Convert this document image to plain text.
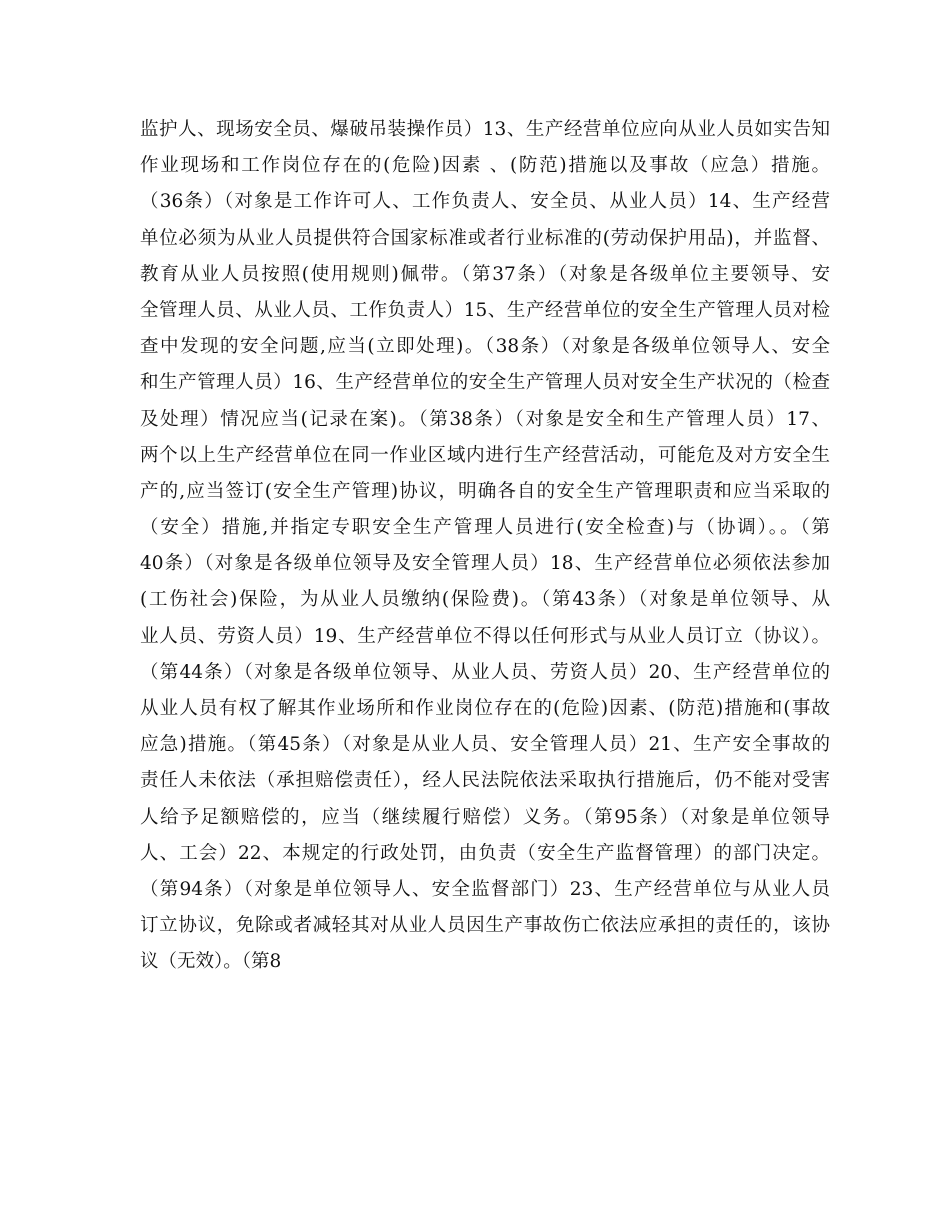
监护人、现场安全员、爆破吊装操作员）13、生产经营单位应向从业人员如实告知
作业现场和工作岗位存在的(危险)因素 、(防范)措施以及事故（应急）措施。
（36条）（对象是工作许可人、工作负责人、安全员、从业人员）14、生产经营
单位必须为从业人员提供符合国家标准或者行业标准的(劳动保护用品)，并监督、
教育从业人员按照(使用规则)佩带。（第37条）（对象是各级单位主要领导、安
全管理人员、从业人员、工作负责人）15、生产经营单位的安全生产管理人员对检
查中发现的安全问题,应当(立即处理)。（38条）（对象是各级单位领导人、安全
和生产管理人员）16、生产经营单位的安全生产管理人员对安全生产状况的（检查
及处理）情况应当(记录在案)。（第38条）（对象是安全和生产管理人员）17、
两个以上生产经营单位在同一作业区域内进行生产经营活动，可能危及对方安全生
产的,应当签订(安全生产管理)协议，明确各自的安全生产管理职责和应当采取的
（安全）措施,并指定专职安全生产管理人员进行(安全检查)与（协调）。。（第
40条）（对象是各级单位领导及安全管理人员）18、生产经营单位必须依法参加
(工伤社会)保险，为从业人员缴纳(保险费)。（第43条）（对象是单位领导、从
业人员、劳资人员）19、生产经营单位不得以任何形式与从业人员订立（协议）。
（第44条）（对象是各级单位领导、从业人员、劳资人员）20、生产经营单位的
从业人员有权了解其作业场所和作业岗位存在的(危险)因素、(防范)措施和(事故
应急)措施。（第45条）（对象是从业人员、安全管理人员）21、生产安全事故的
责任人未依法（承担赔偿责任），经人民法院依法采取执行措施后，仍不能对受害
人给予足额赔偿的，应当（继续履行赔偿）义务。（第95条）（对象是单位领导
人、工会）22、本规定的行政处罚，由负责（安全生产监督管理）的部门决定。
（第94条）（对象是单位领导人、安全监督部门）23、生产经营单位与从业人员
订立协议，免除或者减轻其对从业人员因生产事故伤亡依法应承担的责任的，该协
议（无效）。（第8
